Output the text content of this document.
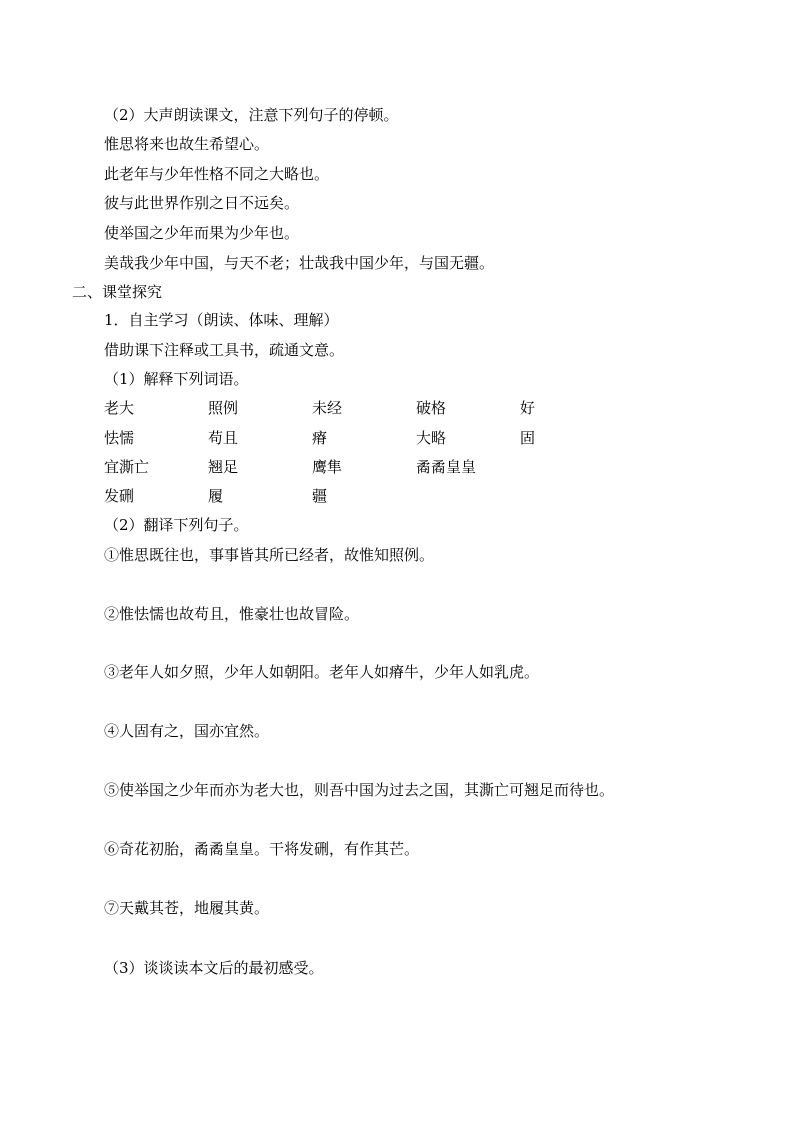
（2）大声朗读课文，注意下列句子的停顿。
惟思将来也故生希望心。
此老年与少年性格不同之大略也。
彼与此世界作别之日不远矣。
使举国之少年而果为少年也。
美哉我少年中国，与天不老；壮哉我中国少年，与国无疆。
二、课堂探究
1．自主学习（朗读、体味、理解）
借助课下注释或工具书，疏通文意。
（1）解释下列词语。
老大	照例	未经	破格	好
怯懦	苟且	瘠	大略	固
宜澌亡	翘足	鹰隼	矞矞皇皇
发硎	履	疆
（2）翻译下列句子。
①惟思既往也，事事皆其所已经者，故惟知照例。
②惟怯懦也故苟且，惟豪壮也故冒险。
③老年人如夕照，少年人如朝阳。老年人如瘠牛，少年人如乳虎。
④人固有之，国亦宜然。
⑤使举国之少年而亦为老大也，则吾中国为过去之国，其澌亡可翘足而待也。
⑥奇花初胎，矞矞皇皇。干将发硎，有作其芒。
⑦天戴其苍，地履其黄。
（3）谈谈读本文后的最初感受。
